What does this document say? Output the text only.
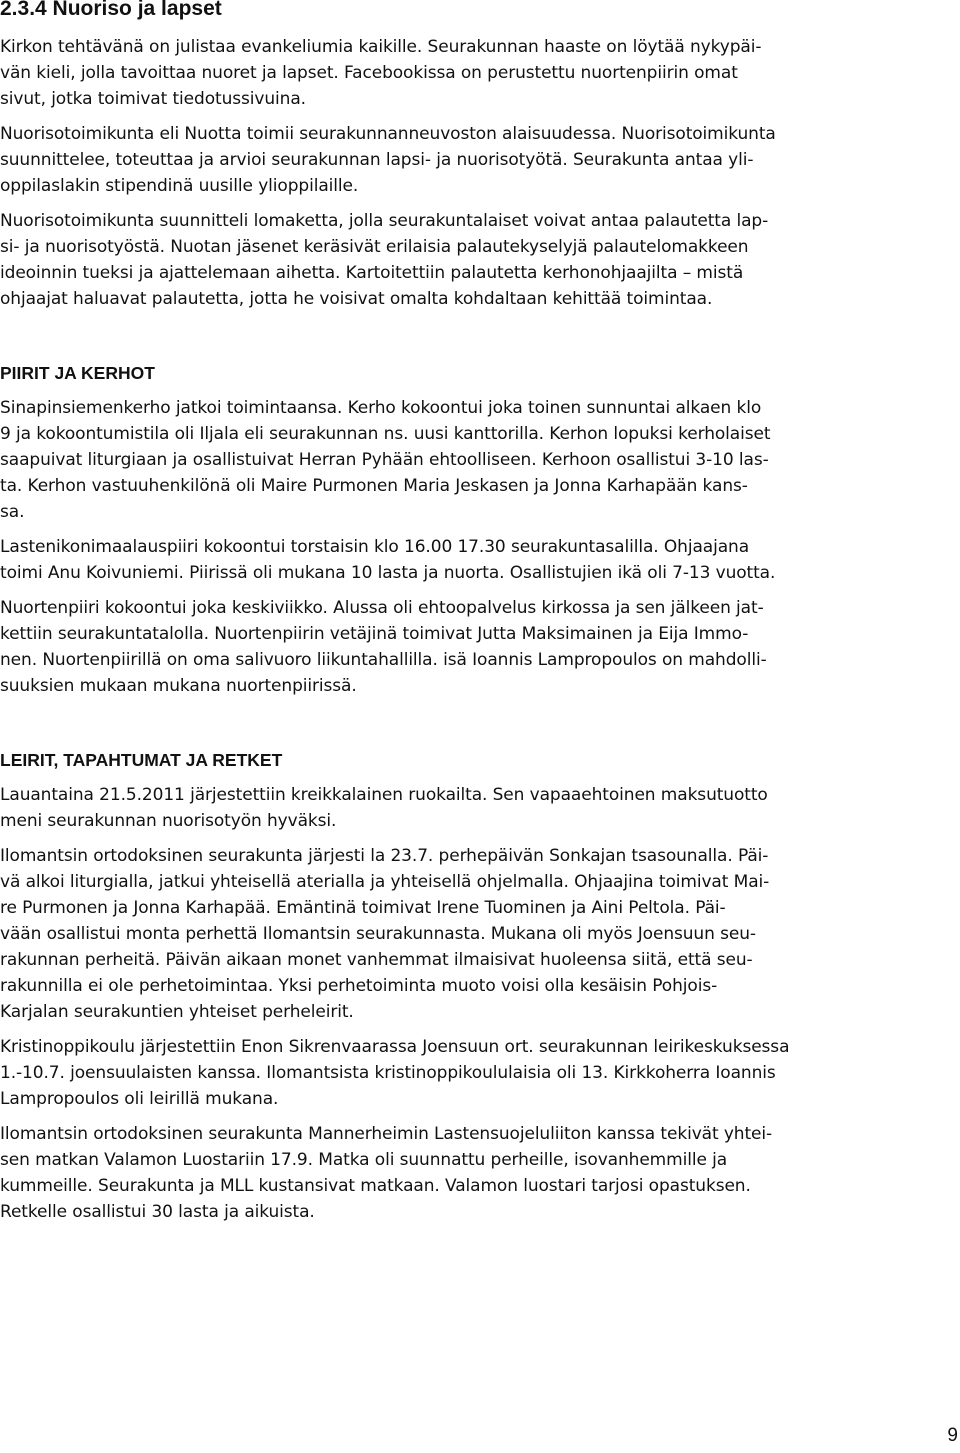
2.3.4 Nuoriso ja lapset

Kirkon tehtävänä on julistaa evankeliumia kaikille. Seurakunnan haaste on löytää nykypäi-
vän kieli, jolla tavoittaa nuoret ja lapset. Facebookissa on perustettu nuortenpiirin omat
sivut, jotka toimivat tiedotussivuina.

Nuorisotoimikunta eli Nuotta toimii seurakunnanneuvoston alaisuudessa. Nuorisotoimikunta
suunnittelee, toteuttaa ja arvioi seurakunnan lapsi- ja nuorisotyötä. Seurakunta antaa yli-
oppilaslakin stipendinä uusille ylioppilaille.

Nuorisotoimikunta suunnitteli lomaketta, jolla seurakuntalaiset voivat antaa palautetta lap-
si- ja nuorisotyöstä. Nuotan jäsenet keräsivät erilaisia palautekyselyjä palautelomakkeen
ideoinnin tueksi ja ajattelemaan aihetta. Kartoitettiin palautetta kerhonohjaajilta – mistä
ohjaajat haluavat palautetta, jotta he voisivat omalta kohdaltaan kehittää toimintaa.

PIIRIT JA KERHOT

Sinapinsiemenkerho jatkoi toimintaansa. Kerho kokoontui joka toinen sunnuntai alkaen klo
9 ja kokoontumistila oli Iljala eli seurakunnan ns. uusi kanttorilla. Kerhon lopuksi kerholaiset
saapuivat liturgiaan ja osallistuivat Herran Pyhään ehtoolliseen. Kerhoon osallistui 3-10 las-
ta. Kerhon vastuuhenkilönä oli Maire Purmonen Maria Jeskasen ja Jonna Karhapään kans-
sa.

Lastenikonimaalauspiiri kokoontui torstaisin klo 16.00 17.30 seurakuntasalilla. Ohjaajana
toimi Anu Koivuniemi. Piirissä oli mukana 10 lasta ja nuorta. Osallistujien ikä oli 7-13 vuotta.

Nuortenpiiri kokoontui joka keskiviikko. Alussa oli ehtoopalvelus kirkossa ja sen jälkeen jat-
kettiin seurakuntatalolla. Nuortenpiirin vetäjinä toimivat Jutta Maksimainen ja Eija Immo-
nen. Nuortenpiirillä on oma salivuoro liikuntahallilla. isä Ioannis Lampropoulos on mahdolli-
suuksien mukaan mukana nuortenpiirissä.

LEIRIT, TAPAHTUMAT JA RETKET

Lauantaina 21.5.2011 järjestettiin kreikkalainen ruokailta. Sen vapaaehtoinen maksutuotto
meni seurakunnan nuorisotyön hyväksi.

Ilomantsin ortodoksinen seurakunta järjesti la 23.7. perhepäivän Sonkajan tsasounalla. Päi-
vä alkoi liturgialla, jatkui yhteisellä aterialla ja yhteisellä ohjelmalla. Ohjaajina toimivat Mai-
re Purmonen ja Jonna Karhapää. Emäntinä toimivat Irene Tuominen ja Aini Peltola. Päi-
vään osallistui monta perhettä Ilomantsin seurakunnasta. Mukana oli myös Joensuun seu-
rakunnan perheitä. Päivän aikaan monet vanhemmat ilmaisivat huoleensa siitä, että seu-
rakunnilla ei ole perhetoimintaa. Yksi perhetoiminta muoto voisi olla kesäisin Pohjois-
Karjalan seurakuntien yhteiset perheleirit.

Kristinoppikoulu järjestettiin Enon Sikrenvaarassa Joensuun ort. seurakunnan leirikeskuksessa
1.-10.7. joensuulaisten kanssa. Ilomantsista kristinoppikoululaisia oli 13. Kirkkoherra Ioannis
Lampropoulos oli leirillä mukana.

Ilomantsin ortodoksinen seurakunta Mannerheimin Lastensuojeluliiton kanssa tekivät yhtei-
sen matkan Valamon Luostariin 17.9. Matka oli suunnattu perheille, isovanhemmille ja
kummeille. Seurakunta ja MLL kustansivat matkaan. Valamon luostari tarjosi opastuksen.
Retkelle osallistui 30 lasta ja aikuista.

9
